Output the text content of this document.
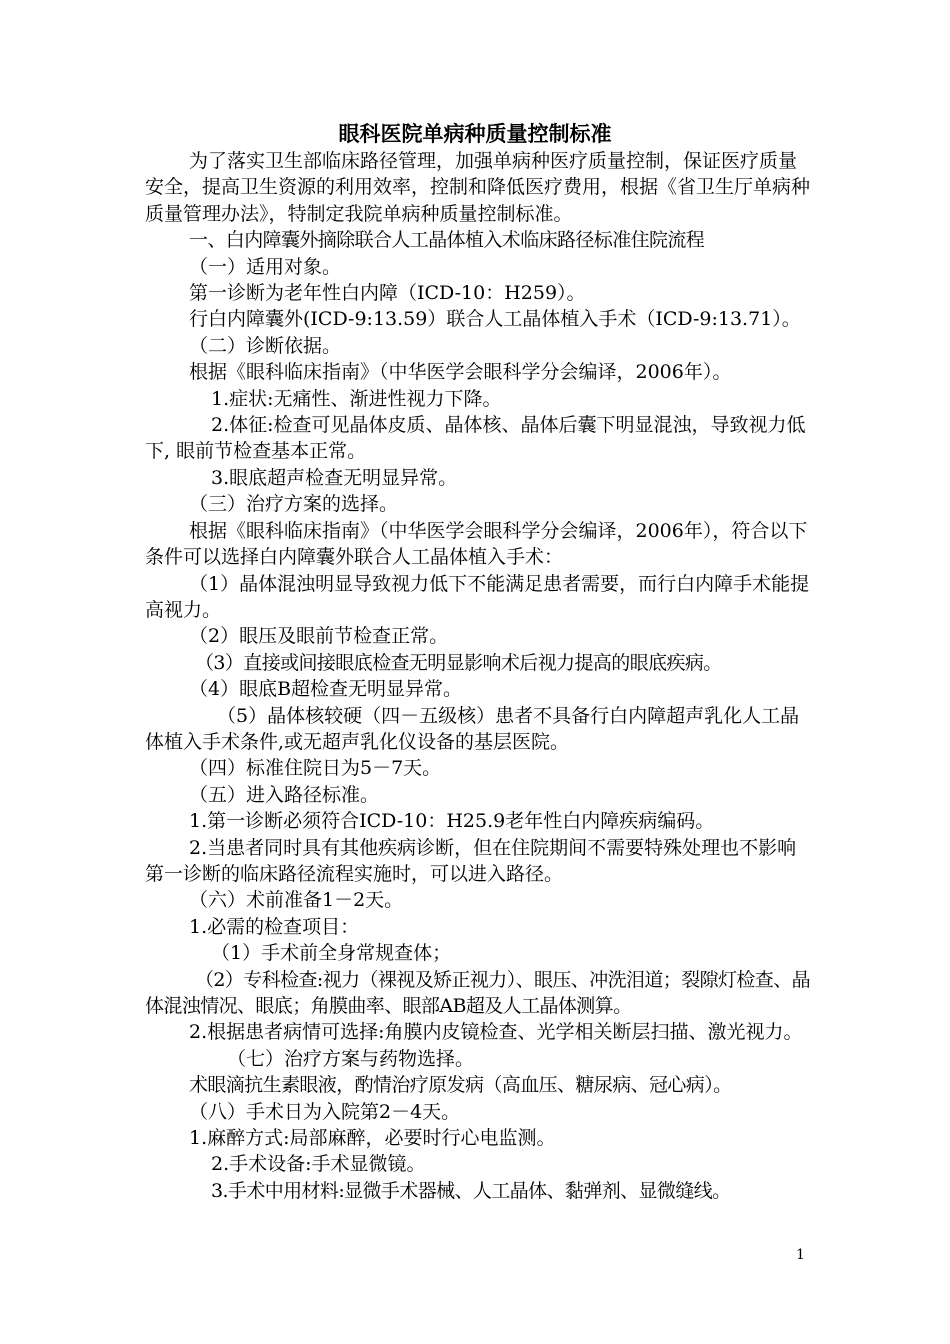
眼科医院单病种质量控制标准

为了落实卫生部临床路径管理，加强单病种医疗质量控制，保证医疗质量安全，提高卫生资源的利用效率，控制和降低医疗费用，根据《省卫生厅单病种质量管理办法》，特制定我院单病种质量控制标准。

一、白内障囊外摘除联合人工晶体植入术临床路径标准住院流程

（一）适用对象。

第一诊断为老年性白内障（ICD-10：H259）。

行白内障囊外(ICD-9:13.59）联合人工晶体植入手术（ICD-9:13.71）。

（二）诊断依据。

根据《眼科临床指南》（中华医学会眼科学分会编译，2006年）。

1.症状:无痛性、渐进性视力下降。

2.体征:检查可见晶体皮质、晶体核、晶体后囊下明显混浊，导致视力低下, 眼前节检查基本正常。

3.眼底超声检查无明显异常。

（三）治疗方案的选择。

根据《眼科临床指南》（中华医学会眼科学分会编译，2006年），符合以下条件可以选择白内障囊外联合人工晶体植入手术：

（1）晶体混浊明显导致视力低下不能满足患者需要，而行白内障手术能提高视力。

（2）眼压及眼前节检查正常。

（3）直接或间接眼底检查无明显影响术后视力提高的眼底疾病。

（4）眼底B超检查无明显异常。

（5）晶体核较硬（四－五级核）患者不具备行白内障超声乳化人工晶体植入手术条件,或无超声乳化仪设备的基层医院。

（四）标准住院日为5－7天。

（五）进入路径标准。

1.第一诊断必须符合ICD-10：H25.9老年性白内障疾病编码。

2.当患者同时具有其他疾病诊断，但在住院期间不需要特殊处理也不影响第一诊断的临床路径流程实施时，可以进入路径。

（六）术前准备1－2天。

1.必需的检查项目：

（1）手术前全身常规查体；

（2）专科检查:视力（裸视及矫正视力）、眼压、冲洗泪道；裂隙灯检查、晶体混浊情况、眼底；角膜曲率、眼部AB超及人工晶体测算。

2.根据患者病情可选择:角膜内皮镜检查、光学相关断层扫描、激光视力。

（七）治疗方案与药物选择。

术眼滴抗生素眼液，酌情治疗原发病（高血压、糖尿病、冠心病）。

（八）手术日为入院第2－4天。

1.麻醉方式:局部麻醉，必要时行心电监测。

2.手术设备:手术显微镜。

3.手术中用材料:显微手术器械、人工晶体、黏弹剂、显微缝线。

1
